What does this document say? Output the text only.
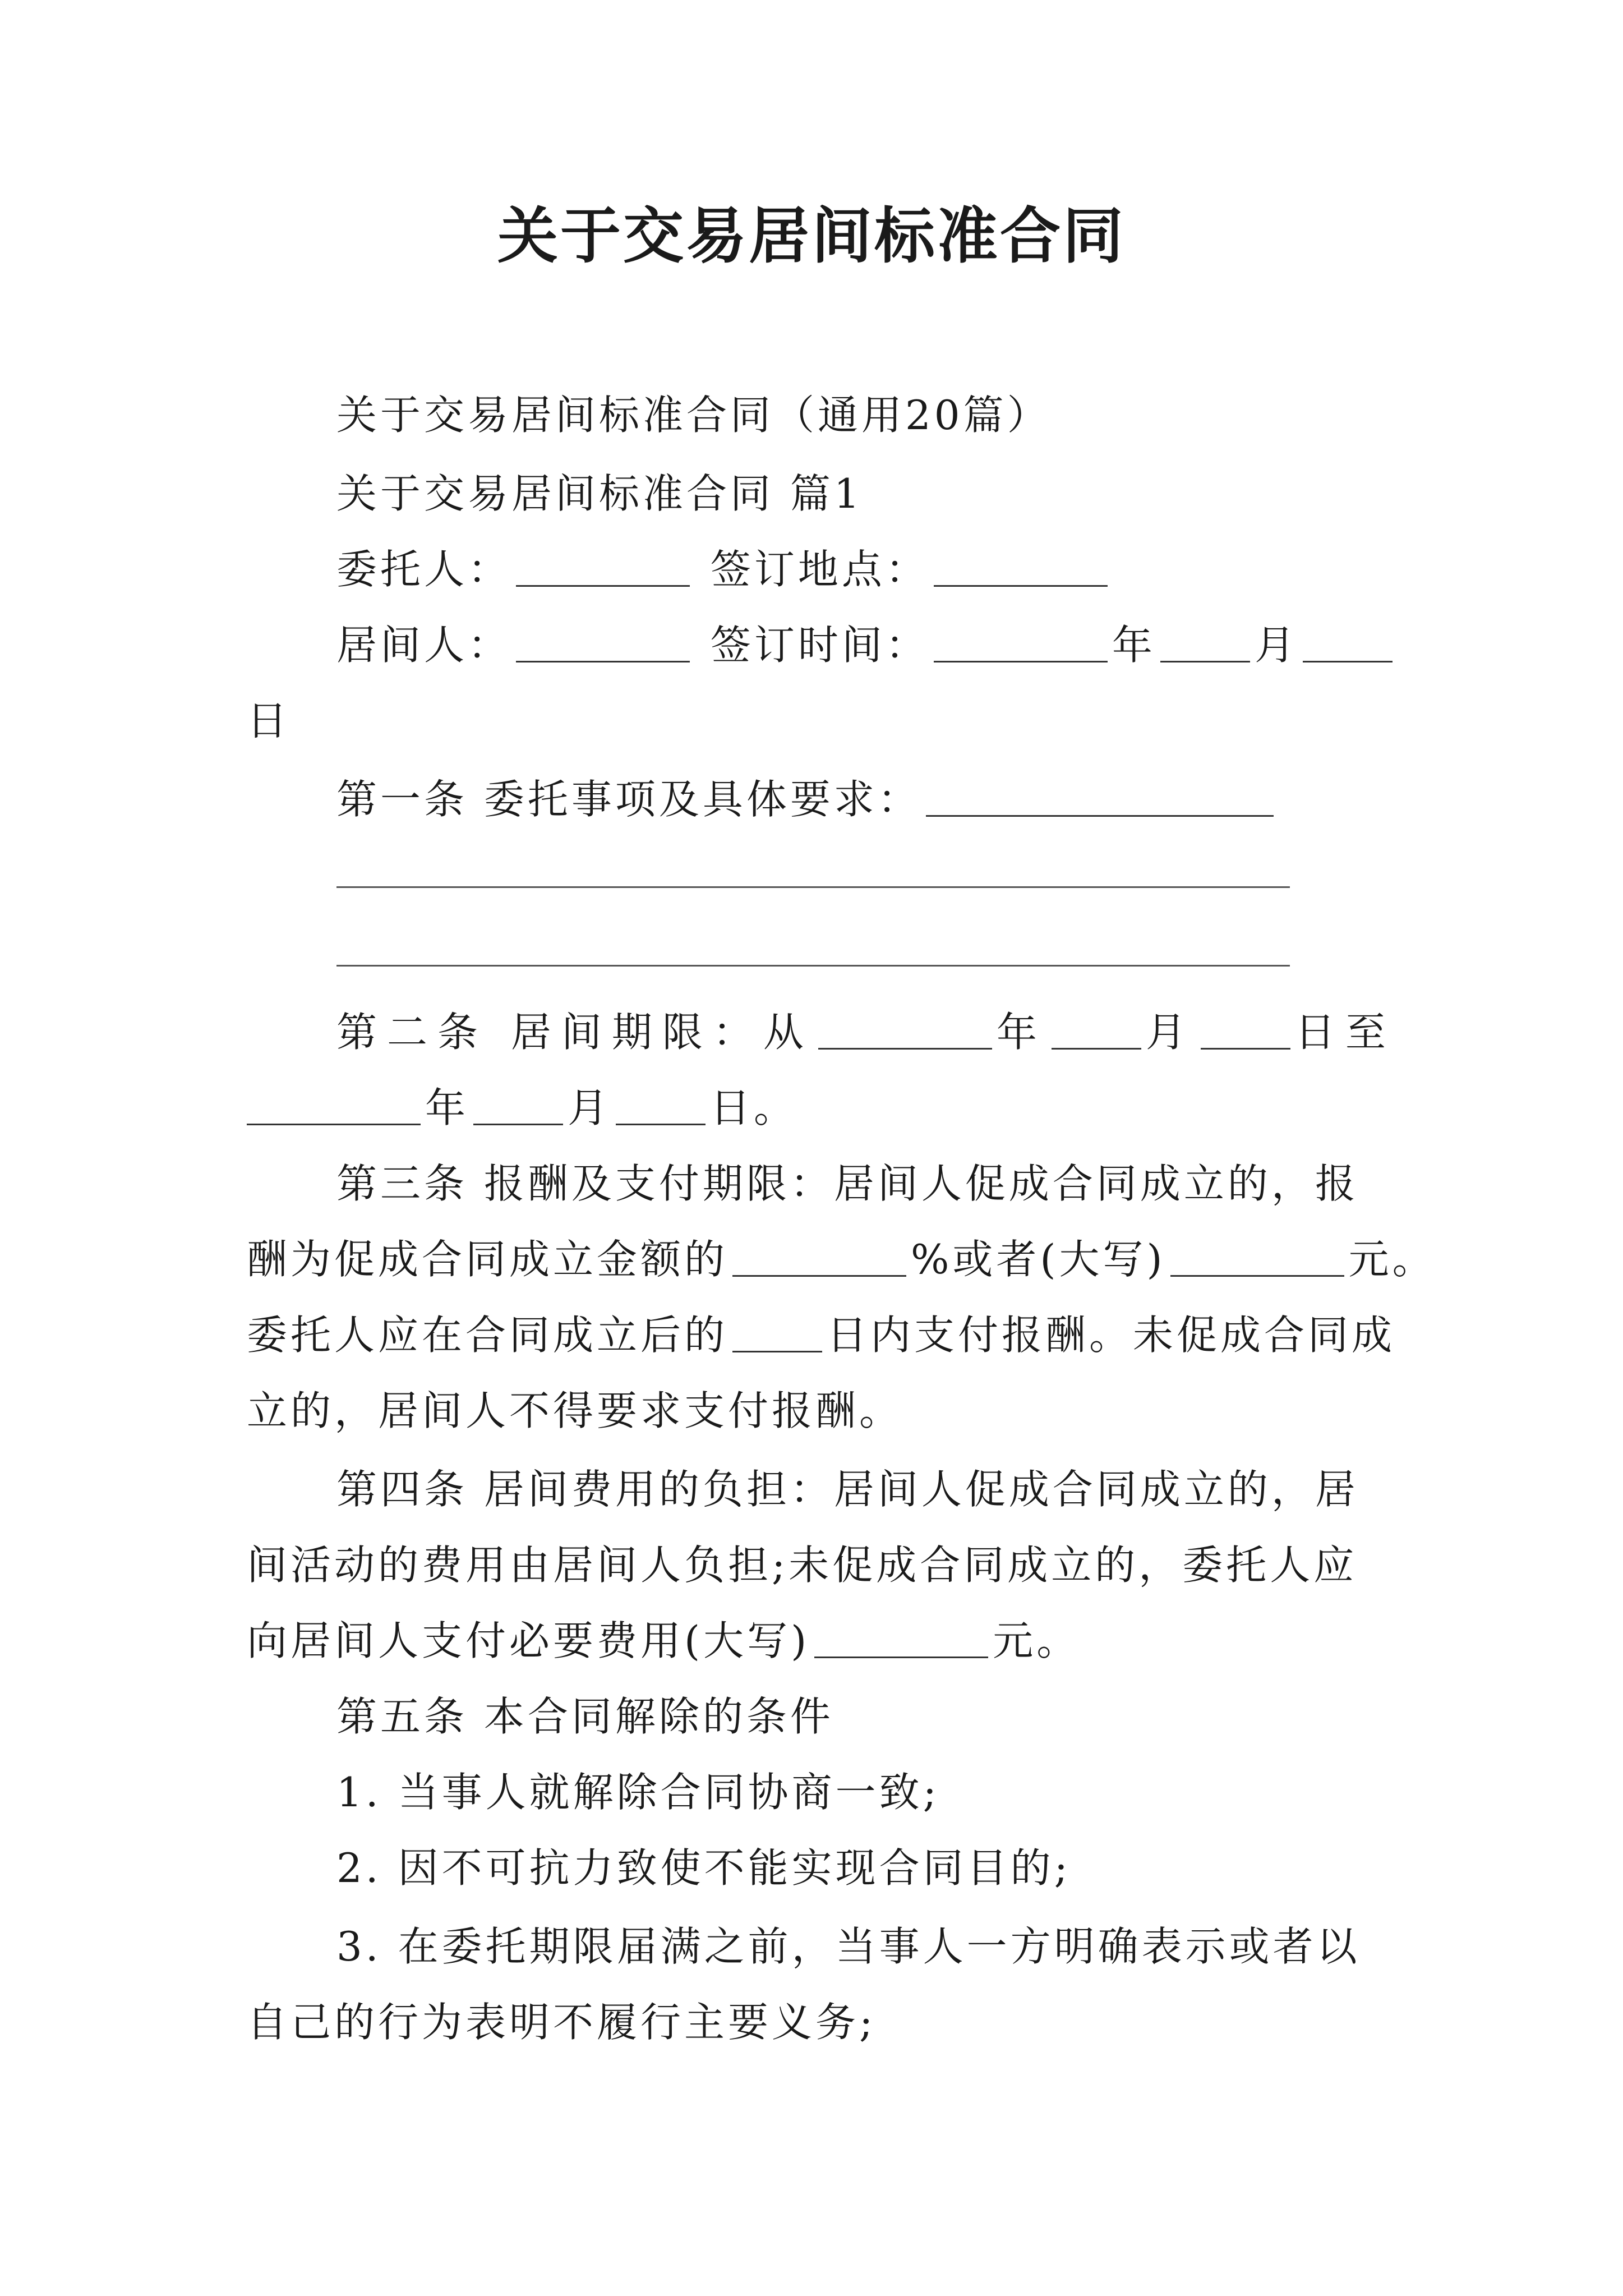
关于交易居间标准合同
关于交易居间标准合同（通用20篇）
关于交易居间标准合同 篇1
委托人：	签订地点：
居间人：	签订时间：	年 月
日
第一条 委托事项及具体要求：
第二条 居间期限：从	年 月 日至
年 月 日。
第三条 报酬及支付期限：居间人促成合同成立的，报
酬为促成合同成立金额的	%或者(大写)	元。
委托人应在合同成立后的 日内支付报酬。未促成合同成
立的，居间人不得要求支付报酬。
第四条 居间费用的负担：居间人促成合同成立的，居
间活动的费用由居间人负担;未促成合同成立的，委托人应
向居间人支付必要费用(大写)	元。
第五条 本合同解除的条件
1. 当事人就解除合同协商一致;
2. 因不可抗力致使不能实现合同目的;
3. 在委托期限届满之前，当事人一方明确表示或者以
自己的行为表明不履行主要义务;
